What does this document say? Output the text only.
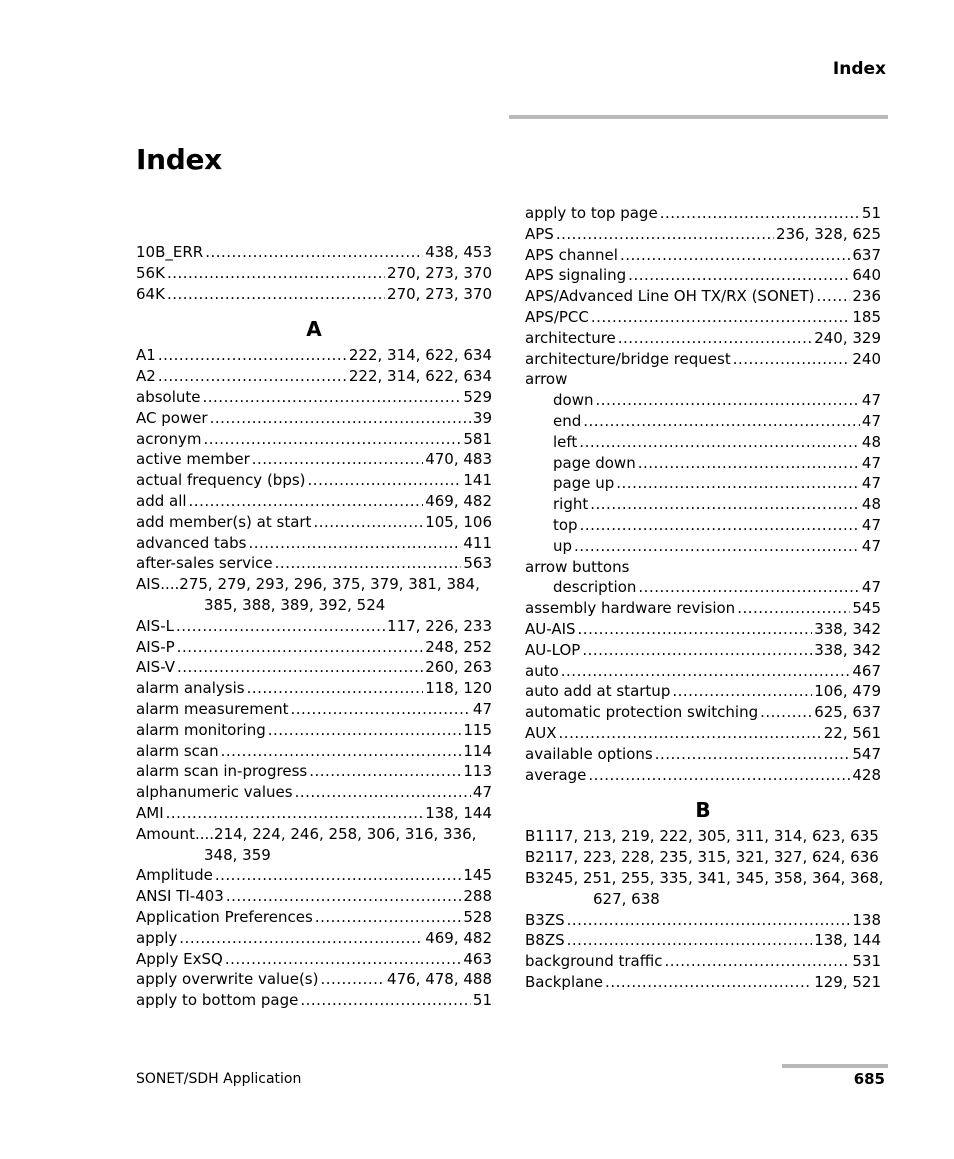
Index
Index
10B_ERR .....	438, 453
56K .....	270, 273, 370
64K .....	270, 273, 370
A
A1 .....	222, 314, 622, 634
A2 .....	222, 314, 622, 634
absolute .....	529
AC power .....	39
acronym .....	581
active member .....	470, 483
actual frequency (bps) .....	141
add all .....	469, 482
add member(s) at start .....	105, 106
advanced tabs .....	411
after-sales service .....	563
AIS .... 275, 279, 293, 296, 375, 379, 381, 384,
385, 388, 389, 392, 524
AIS-L .....	117, 226, 233
AIS-P .....	248, 252
AIS-V .....	260, 263
alarm analysis .....	118, 120
alarm measurement .....	47
alarm monitoring .....	115
alarm scan .....	114
alarm scan in-progress .....	113
alphanumeric values .....	47
AMI .....	138, 144
Amount .... 214, 224, 246, 258, 306, 316, 336,
348, 359
Amplitude .....	145
ANSI TI-403 .....	288
Application Preferences .....	528
apply .....	469, 482
Apply ExSQ .....	463
apply overwrite value(s) .....	476, 478, 488
apply to bottom page .....	51
apply to top page .....	51
APS .....	236, 328, 625
APS channel .....	637
APS signaling .....	640
APS/Advanced Line OH TX/RX (SONET) .....	236
APS/PCC .....	185
architecture .....	240, 329
architecture/bridge request .....	240
arrow
down .....	47
end .....	47
left .....	48
page down .....	47
page up .....	47
right .....	48
top .....	47
up .....	47
arrow buttons
description .....	47
assembly hardware revision .....	545
AU-AIS .....	338, 342
AU-LOP .....	338, 342
auto .....	467
auto add at startup .....	106, 479
automatic protection switching .....	625, 637
AUX .....	22, 561
available options .....	547
average .....	428
B
B1 117, 213, 219, 222, 305, 311, 314, 623, 635
B2 117, 223, 228, 235, 315, 321, 327, 624, 636
B3 245, 251, 255, 335, 341, 345, 358, 364, 368,
627, 638
B3ZS .....	138
B8ZS .....	138, 144
background traffic .....	531
Backplane .....	129, 521
SONET/SDH Application	685
